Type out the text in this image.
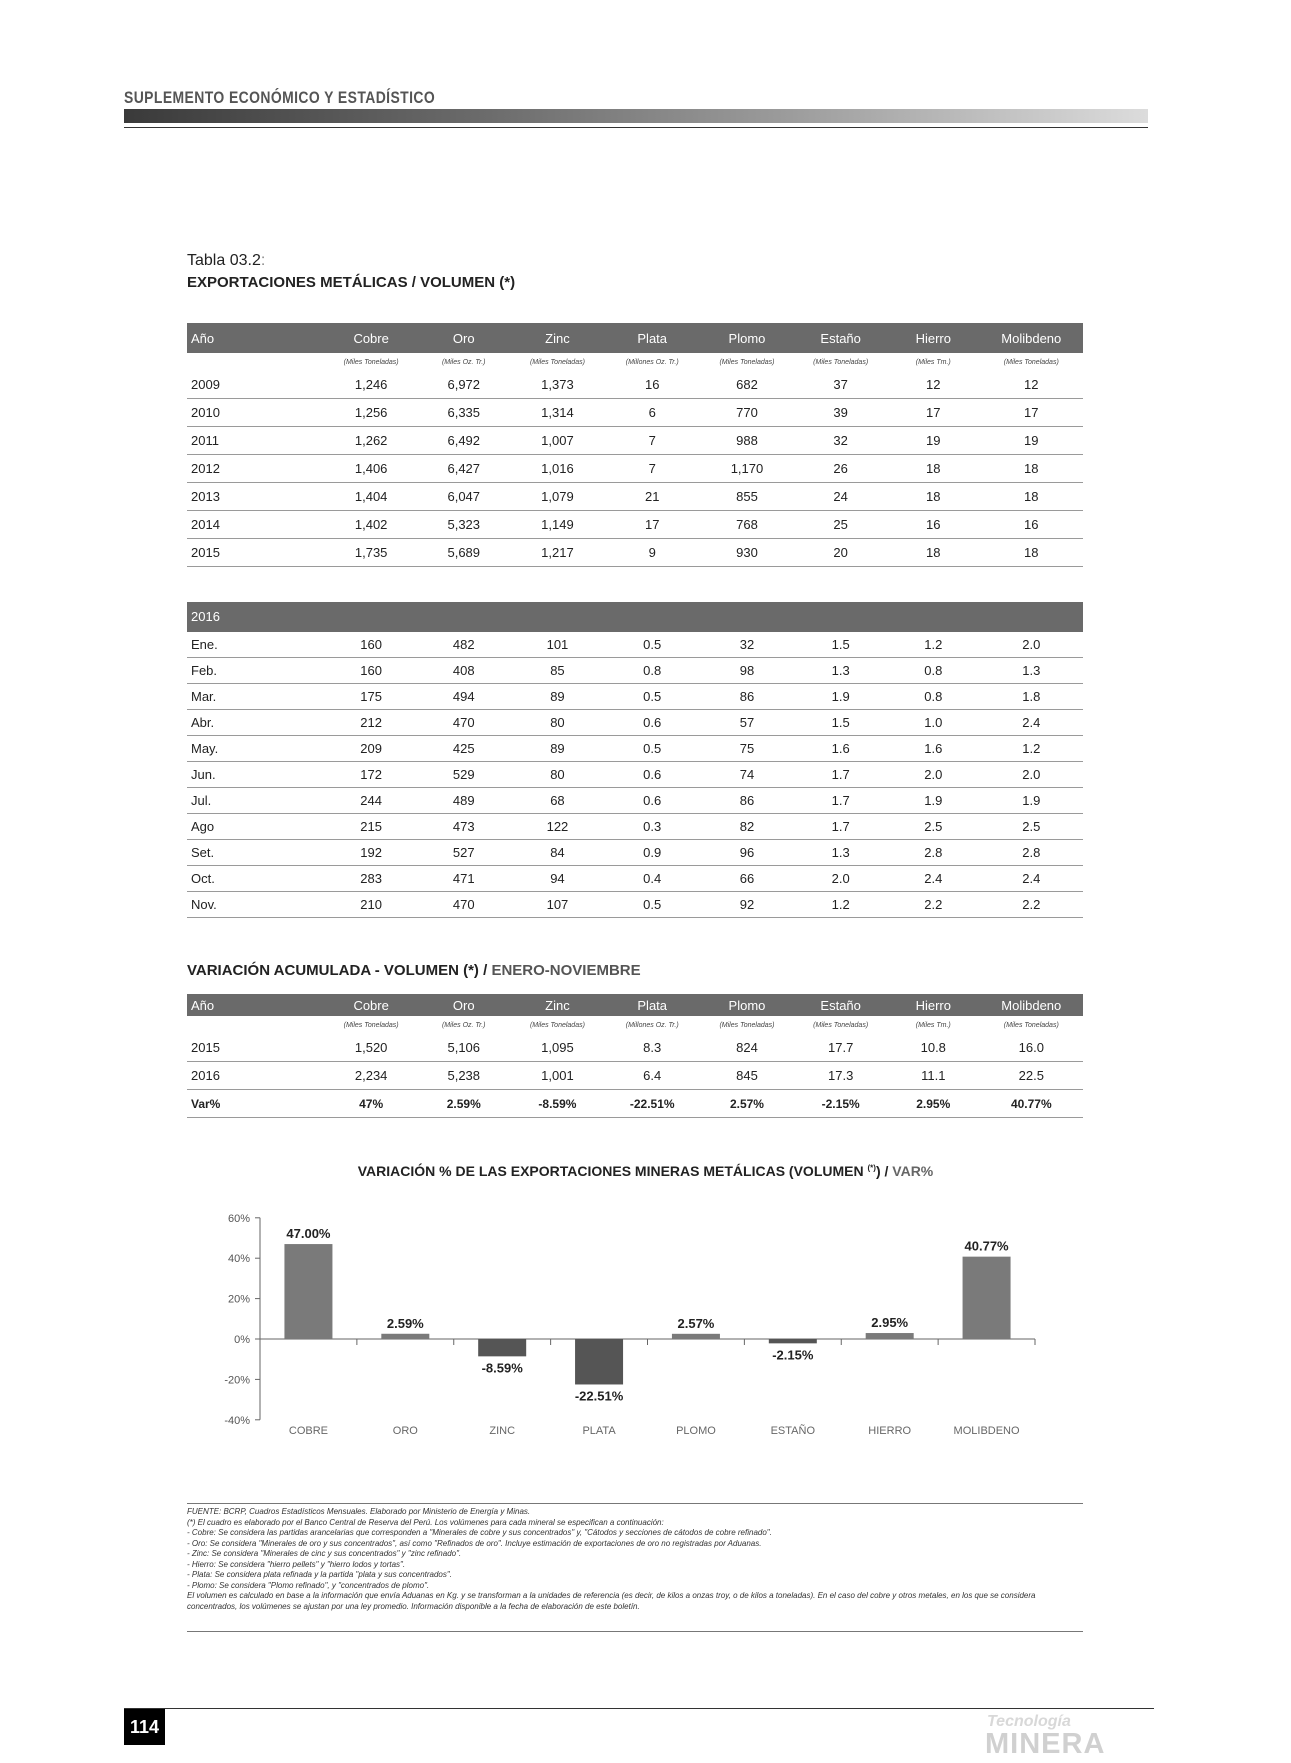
SUPLEMENTO ECONÓMICO Y ESTADÍSTICO
Tabla 03.2:
EXPORTACIONES METÁLICAS / VOLUMEN (*)
Año	Cobre	Oro	Zinc	Plata	Plomo	Estaño	Hierro	Molibdeno
	(Miles Toneladas)	(Miles Oz. Tr.)	(Miles Toneladas)	(Millones Oz. Tr.)	(Miles Toneladas)	(Miles Toneladas)	(Miles Tm.)	(Miles Toneladas)
2009	1,246	6,972	1,373	16	682	37	12	12
2010	1,256	6,335	1,314	6	770	39	17	17
2011	1,262	6,492	1,007	7	988	32	19	19
2012	1,406	6,427	1,016	7	1,170	26	18	18
2013	1,404	6,047	1,079	21	855	24	18	18
2014	1,402	5,323	1,149	17	768	25	16	16
2015	1,735	5,689	1,217	9	930	20	18	18
2016
Ene.	160	482	101	0.5	32	1.5	1.2	2.0
Feb.	160	408	85	0.8	98	1.3	0.8	1.3
Mar.	175	494	89	0.5	86	1.9	0.8	1.8
Abr.	212	470	80	0.6	57	1.5	1.0	2.4
May.	209	425	89	0.5	75	1.6	1.6	1.2
Jun.	172	529	80	0.6	74	1.7	2.0	2.0
Jul.	244	489	68	0.6	86	1.7	1.9	1.9
Ago	215	473	122	0.3	82	1.7	2.5	2.5
Set.	192	527	84	0.9	96	1.3	2.8	2.8
Oct.	283	471	94	0.4	66	2.0	2.4	2.4
Nov.	210	470	107	0.5	92	1.2	2.2	2.2
VARIACIÓN ACUMULADA - VOLUMEN (*) / ENERO-NOVIEMBRE
Año	Cobre	Oro	Zinc	Plata	Plomo	Estaño	Hierro	Molibdeno
	(Miles Toneladas)	(Miles Oz. Tr.)	(Miles Toneladas)	(Millones Oz. Tr.)	(Miles Toneladas)	(Miles Toneladas)	(Miles Tm.)	(Miles Toneladas)
2015	1,520	5,106	1,095	8.3	824	17.7	10.8	16.0
2016	2,234	5,238	1,001	6.4	845	17.3	11.1	22.5
Var%	47%	2.59%	-8.59%	-22.51%	2.57%	-2.15%	2.95%	40.77%
VARIACIÓN % DE LAS EXPORTACIONES MINERAS METÁLICAS (VOLUMEN (*)) / VAR%
60%
40%
20%
0%
-20%
-40%
47.00%
COBRE
2.59%
ORO
-8.59%
ZINC
-22.51%
PLATA
2.57%
PLOMO
-2.15%
ESTAÑO
2.95%
HIERRO
40.77%
MOLIBDENO
FUENTE: BCRP, Cuadros Estadísticos Mensuales. Elaborado por Ministerio de Energía y Minas.
(*) El cuadro es elaborado por el Banco Central de Reserva del Perú. Los volúmenes para cada mineral se especifican a continuación:
- Cobre: Se considera las partidas arancelarias que corresponden a "Minerales de cobre y sus concentrados" y, "Cátodos y secciones de cátodos de cobre refinado".
- Oro: Se considera "Minerales de oro y sus concentrados", así como "Refinados de oro". Incluye estimación de exportaciones de oro no registradas por Aduanas.
- Zinc: Se considera "Minerales de cinc y sus concentrados" y "zinc refinado".
- Hierro: Se considera "hierro pellets" y "hierro lodos y tortas".
- Plata: Se considera plata refinada y la partida "plata y sus concentrados".
- Plomo: Se considera "Plomo refinado", y "concentrados de plomo".
El volumen es calculado en base a la información que envía Aduanas en Kg. y se transforman a la unidades de referencia (es decir, de kilos a onzas troy, o de kilos a toneladas). En el caso del cobre y otros metales, en los que se considera
concentrados, los volúmenes se ajustan por una ley promedio. Información disponible a la fecha de elaboración de este boletín.
114	Tecnología
MINERA
